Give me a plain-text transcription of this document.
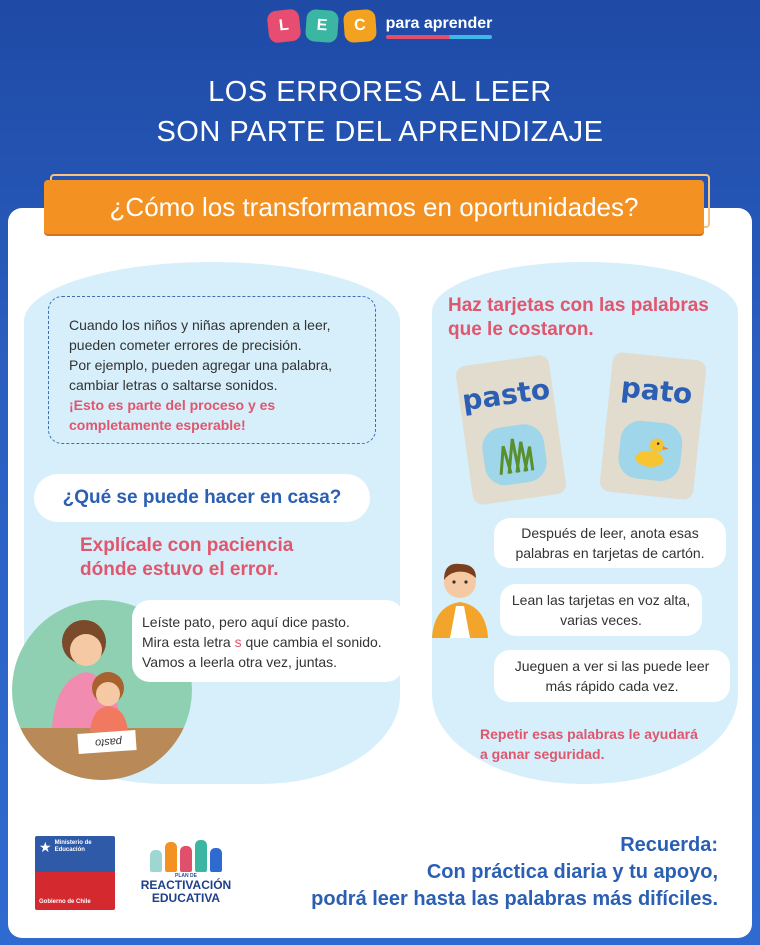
L	E	C	para aprender
LOS ERRORES AL LEER
SON PARTE DEL APRENDIZAJE
¿Cómo los transformamos en oportunidades?
Cuando los niños y niñas aprenden a leer,
pueden cometer errores de precisión.
Por ejemplo, pueden agregar una palabra,
cambiar letras o saltarse sonidos.
¡Esto es parte del proceso y es
completamente esperable!
¿Qué se puede hacer en casa?
Explícale con paciencia
dónde estuvo el error.
pasto
Leíste pato, pero aquí dice pasto.
Mira esta letra s que cambia el sonido.
Vamos a leerla otra vez, juntas.
Haz tarjetas con las palabras
que le costaron.
pasto	pato
Después de leer, anota esas
palabras en tarjetas de cartón.
Lean las tarjetas en voz alta,
varias veces.
Jueguen a ver si las puede leer
más rápido cada vez.
Repetir esas palabras le ayudará
a ganar seguridad.
★ Ministerio de
Educación
Gobierno de Chile
PLAN DE
REACTIVACIÓN
EDUCATIVA
Recuerda:
Con práctica diaria y tu apoyo,
podrá leer hasta las palabras más difíciles.
